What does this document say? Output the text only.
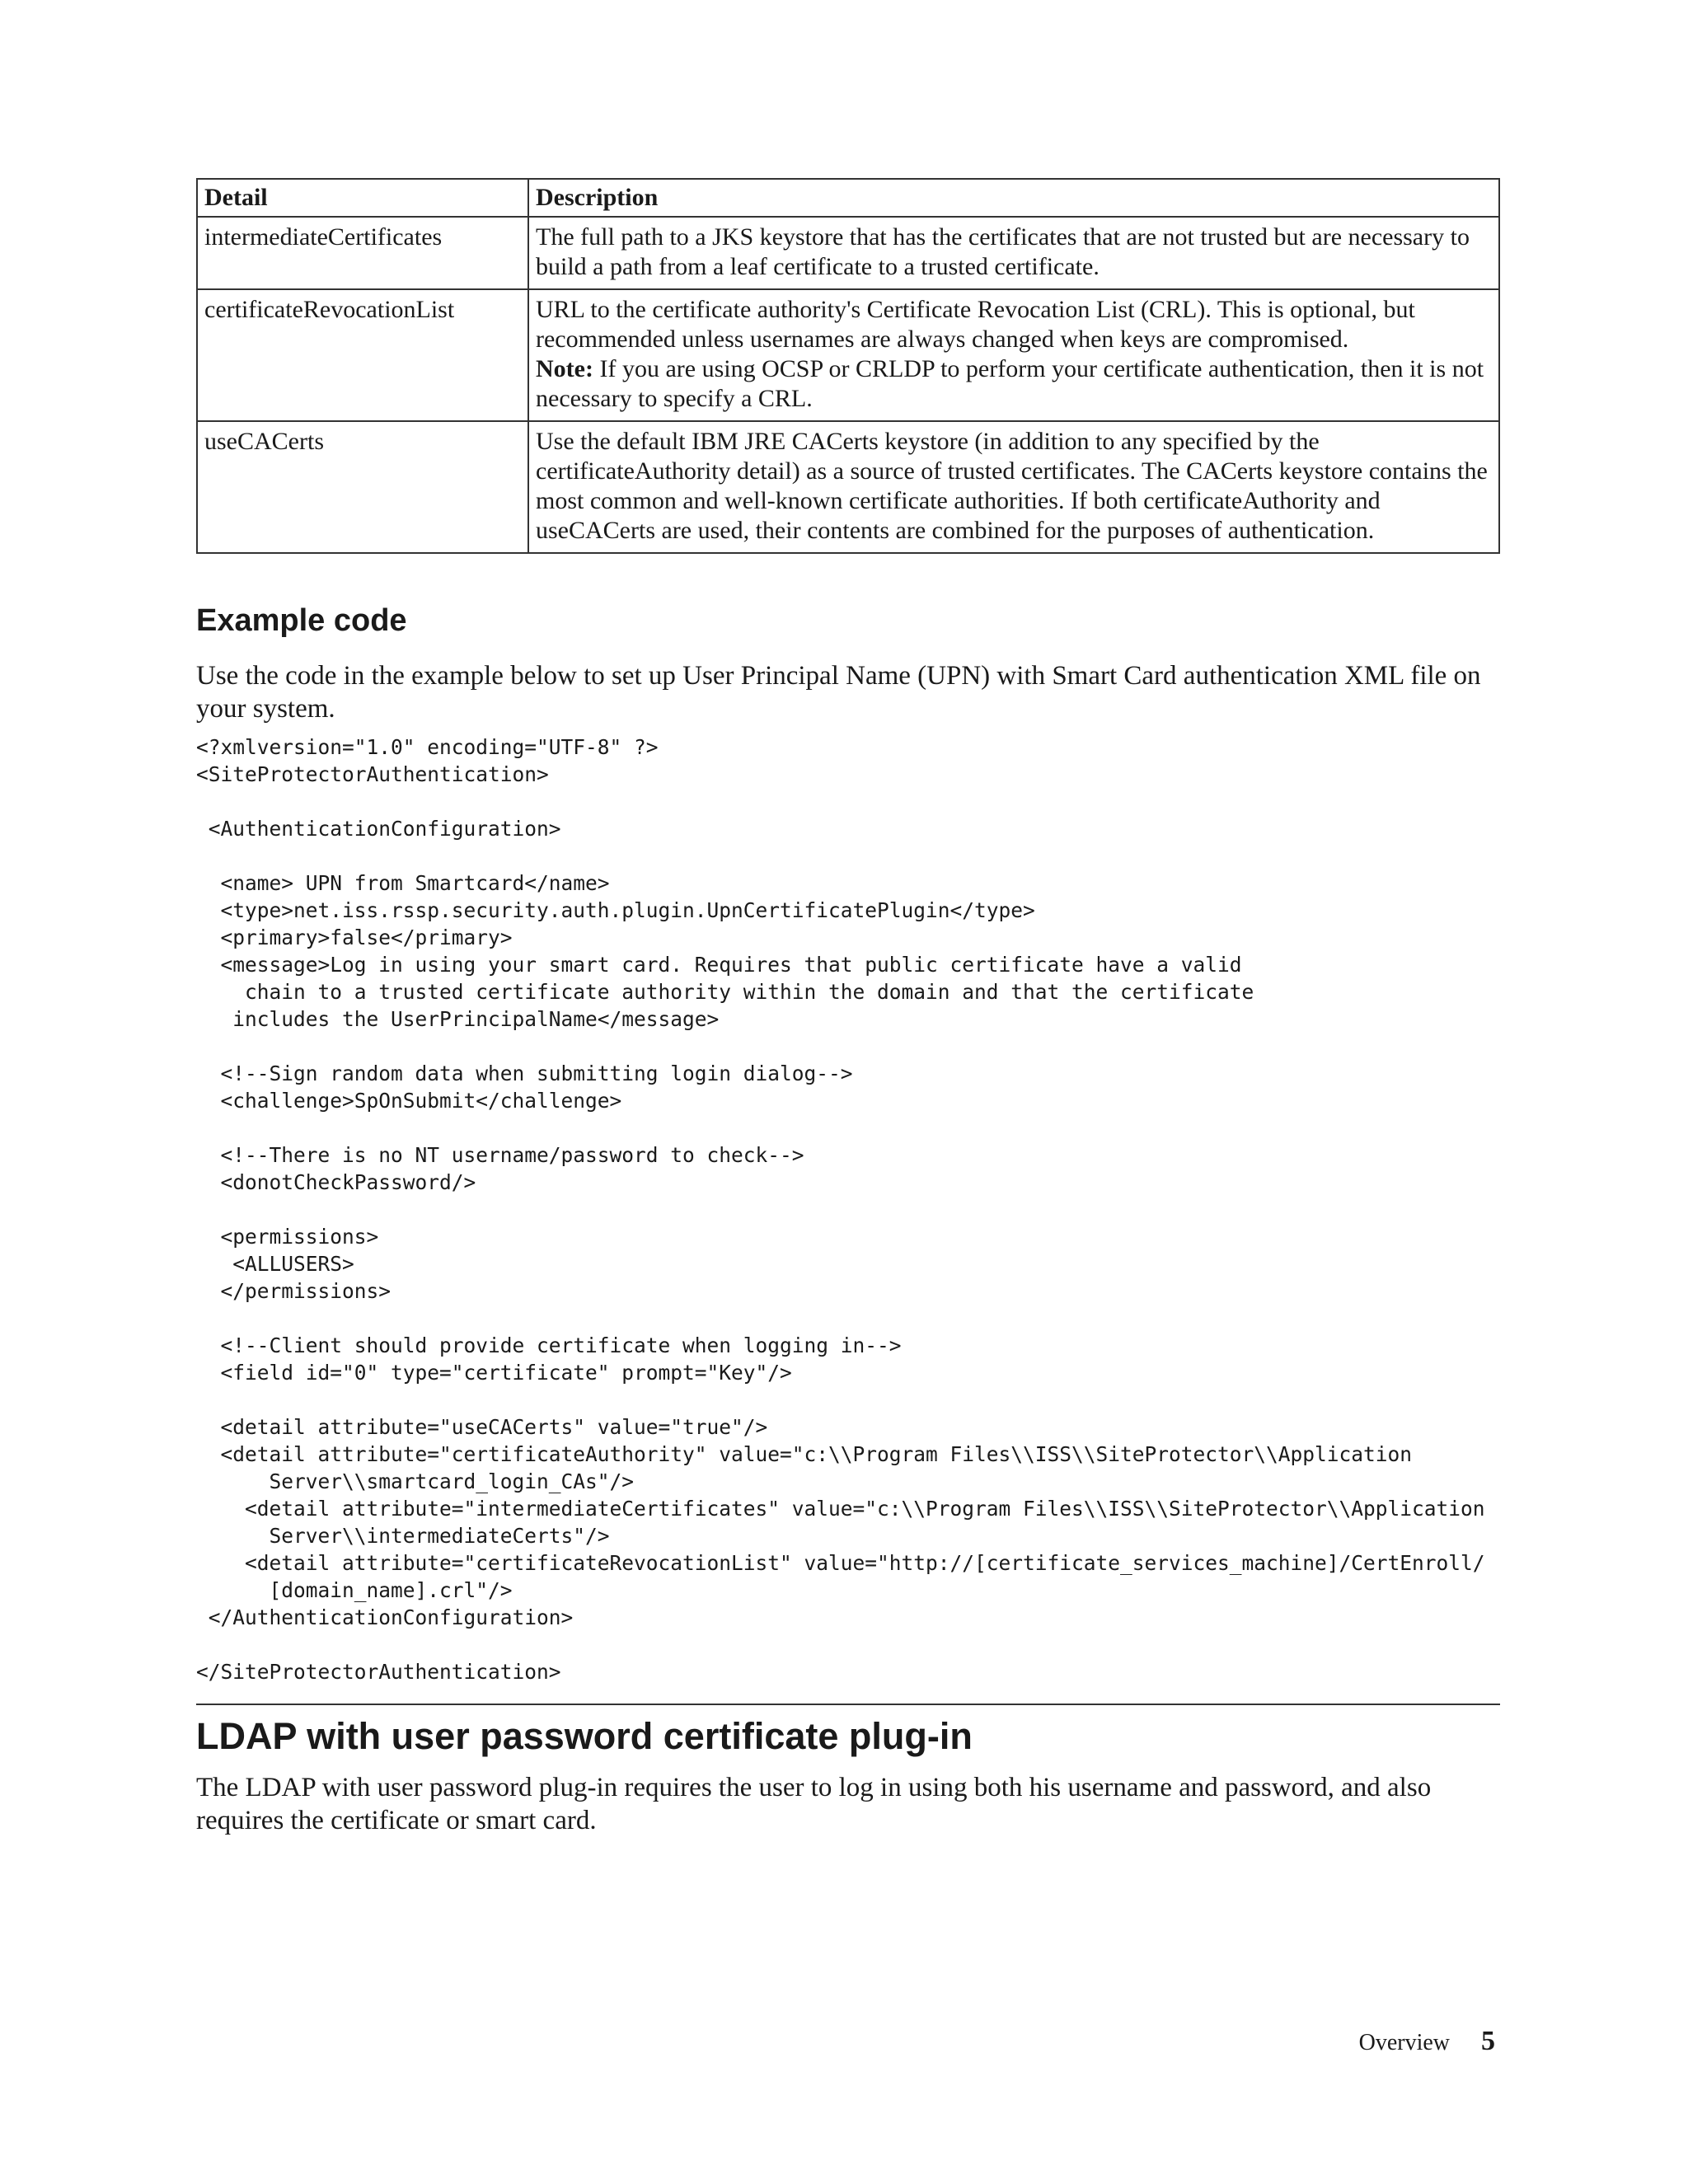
Detail	Description
intermediateCertificates	The full path to a JKS keystore that has the certificates that are not trusted but are necessary to build a path from a leaf certificate to a trusted certificate.
certificateRevocationList	URL to the certificate authority's Certificate Revocation List (CRL). This is optional, but recommended unless usernames are always changed when keys are compromised.
Note: If you are using OCSP or CRLDP to perform your certificate authentication, then it is not necessary to specify a CRL.
useCACerts	Use the default IBM JRE CACerts keystore (in addition to any specified by the certificateAuthority detail) as a source of trusted certificates. The CACerts keystore contains the most common and well-known certificate authorities. If both certificateAuthority and useCACerts are used, their contents are combined for the purposes of authentication.
Example code

Use the code in the example below to set up User Principal Name (UPN) with Smart Card authentication XML file on your system.

<?xmlversion="1.0" encoding="UTF-8" ?>
<SiteProtectorAuthentication>

<AuthenticationConfiguration>

<name> UPN from Smartcard</name>
<type>net.iss.rssp.security.auth.plugin.UpnCertificatePlugin</type>
<primary>false</primary>
<message>Log in using your smart card. Requires that public certificate have a valid
chain to a trusted certificate authority within the domain and that the certificate
includes the UserPrincipalName</message>

<!--Sign random data when submitting login dialog-->
<challenge>SpOnSubmit</challenge>

<!--There is no NT username/password to check-->
<donotCheckPassword/>

<permissions>
<ALLUSERS>
</permissions>

<!--Client should provide certificate when logging in-->
<field id="0" type="certificate" prompt="Key"/>

<detail attribute="useCACerts" value="true"/>
<detail attribute="certificateAuthority" value="c:\\Program Files\\ISS\\SiteProtector\\Application
Server\\smartcard_login_CAs"/>
<detail attribute="intermediateCertificates" value="c:\\Program Files\\ISS\\SiteProtector\\Application
Server\\intermediateCerts"/>
<detail attribute="certificateRevocationList" value="http://[certificate_services_machine]/CertEnroll/
[domain_name].crl"/>
</AuthenticationConfiguration>

</SiteProtectorAuthentication>
LDAP with user password certificate plug-in

The LDAP with user password plug-in requires the user to log in using both his username and password, and also requires the certificate or smart card.

Overview 5
